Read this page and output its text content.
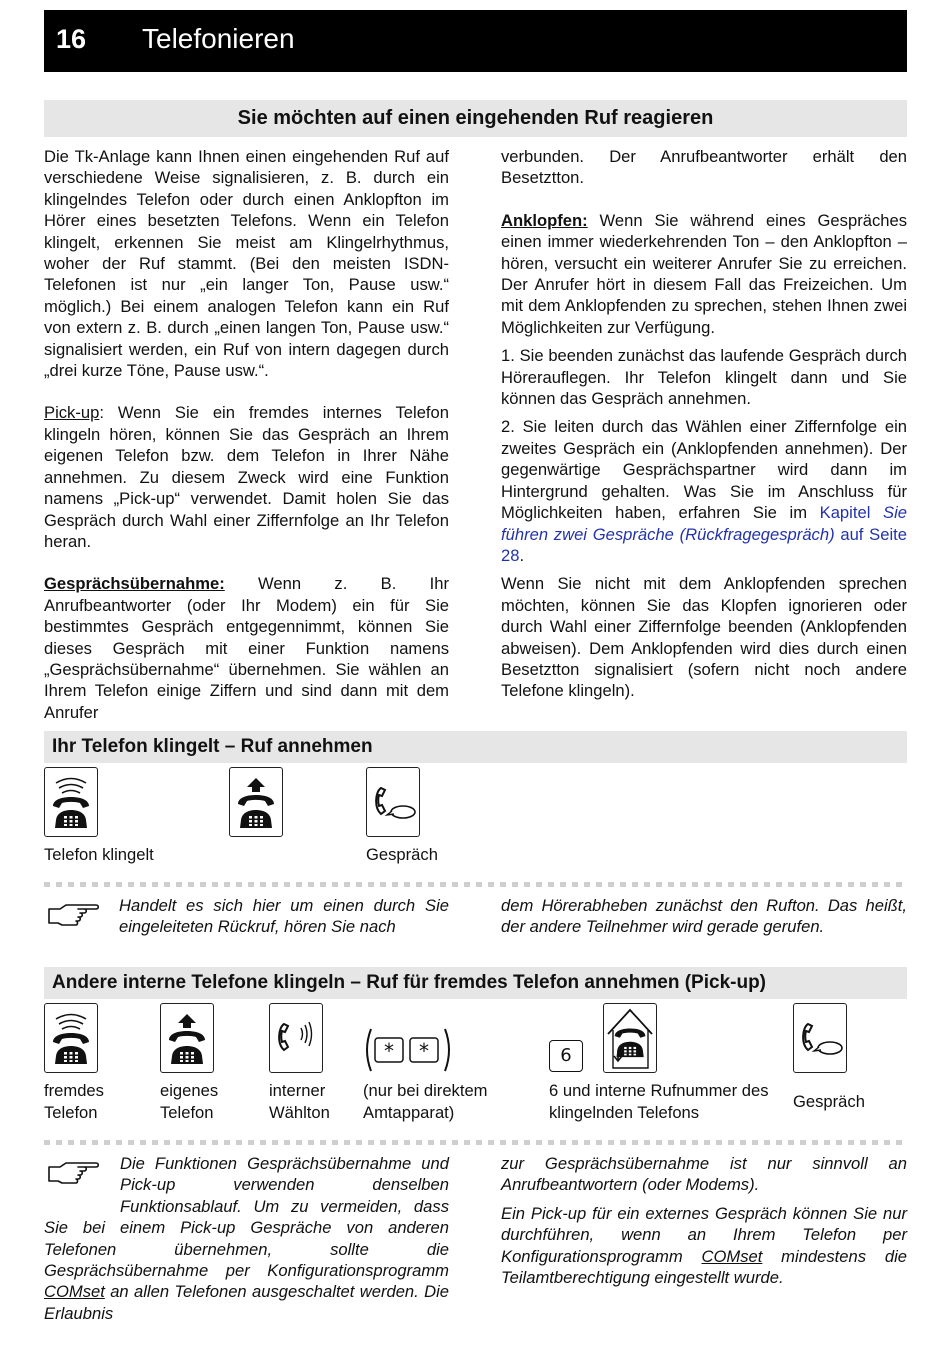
16 Telefonieren
Sie möchten auf einen eingehenden Ruf reagieren

Die Tk-Anlage kann Ihnen einen eingehenden Ruf auf verschiedene Weise signalisieren, z. B. durch ein klingelndes Telefon oder durch einen Anklopfton im Hörer eines besetzten Telefons. Wenn ein Telefon klingelt, erkennen Sie meist am Klingelrhythmus, woher der Ruf stammt. (Bei den meisten ISDN-Telefonen ist nur „ein langer Ton, Pause usw.“ möglich.) Bei einem analogen Telefon kann ein Ruf von extern z. B. durch „einen langen Ton, Pause usw.“ signalisiert werden, ein Ruf von intern dagegen durch „drei kurze Töne, Pause usw.“.

Pick-up: Wenn Sie ein fremdes internes Telefon klingeln hören, können Sie das Gespräch an Ihrem eigenen Telefon bzw. dem Telefon in Ihrer Nähe annehmen. Zu diesem Zweck wird eine Funktion namens „Pick-up“ verwendet. Damit holen Sie das Gespräch durch Wahl einer Ziffernfolge an Ihr Telefon heran.

Gesprächsübernahme: Wenn z. B. Ihr Anrufbeantworter (oder Ihr Modem) ein für Sie bestimmtes Gespräch entgegennimmt, können Sie dieses Gespräch mit einer Funktion namens „Gesprächsübernahme“ übernehmen. Sie wählen an Ihrem Telefon einige Ziffern und sind dann mit dem Anrufer

verbunden. Der Anrufbeantworter erhält den Besetztton.

Anklopfen: Wenn Sie während eines Gespräches einen immer wiederkehrenden Ton – den Anklopfton – hören, versucht ein weiterer Anrufer Sie zu erreichen. Der Anrufer hört in diesem Fall das Freizeichen. Um mit dem Anklopfenden zu sprechen, stehen Ihnen zwei Möglichkeiten zur Verfügung.

1. Sie beenden zunächst das laufende Gespräch durch Hörerauflegen. Ihr Telefon klingelt dann und Sie können das Gespräch annehmen.

2. Sie leiten durch das Wählen einer Ziffernfolge ein zweites Gespräch ein (Anklopfenden annehmen). Der gegenwärtige Gesprächspartner wird dann im Hintergrund gehalten. Was Sie im Anschluss für Möglichkeiten haben, erfahren Sie im Kapitel Sie führen zwei Gespräche (Rückfragegespräch) auf Seite 28.

Wenn Sie nicht mit dem Anklopfenden sprechen möchten, können Sie das Klopfen ignorieren oder durch Wahl einer Ziffernfolge beenden (Anklopfenden abweisen). Dem Anklopfenden wird dies durch einen Besetztton signalisiert (sofern nicht noch andere Telefone klingeln).

Ihr Telefon klingelt – Ruf annehmen
Telefon klingelt	Gespräch
Handelt es sich hier um einen durch Sie eingeleiteten Rückruf, hören Sie nach
dem Hörerabheben zunächst den Rufton. Das heißt, der andere Teilnehmer wird gerade gerufen.
Andere interne Telefone klingeln – Ruf für fremdes Telefon annehmen (Pick-up)
* *	6
fremdes Telefon
eigenes Telefon
interner Wählton
(nur bei direktem Amtapparat)
6 und interne Rufnummer des klingelnden Telefons
Gespräch

Die Funktionen Gesprächsübernahme und Pick-up verwenden denselben Funktionsablauf. Um zu vermeiden, dass Sie bei einem Pick-up Gespräche von anderen Telefonen übernehmen, sollte die Gesprächsübernahme per Konfigurationsprogramm COMset an allen Telefonen ausgeschaltet werden. Die Erlaubnis

zur Gesprächsübernahme ist nur sinnvoll an Anrufbeantwortern (oder Modems).

Ein Pick-up für ein externes Gespräch können Sie nur durchführen, wenn an Ihrem Telefon per Konfigurationsprogramm COMset mindestens die Teilamtberechtigung eingestellt wurde.
